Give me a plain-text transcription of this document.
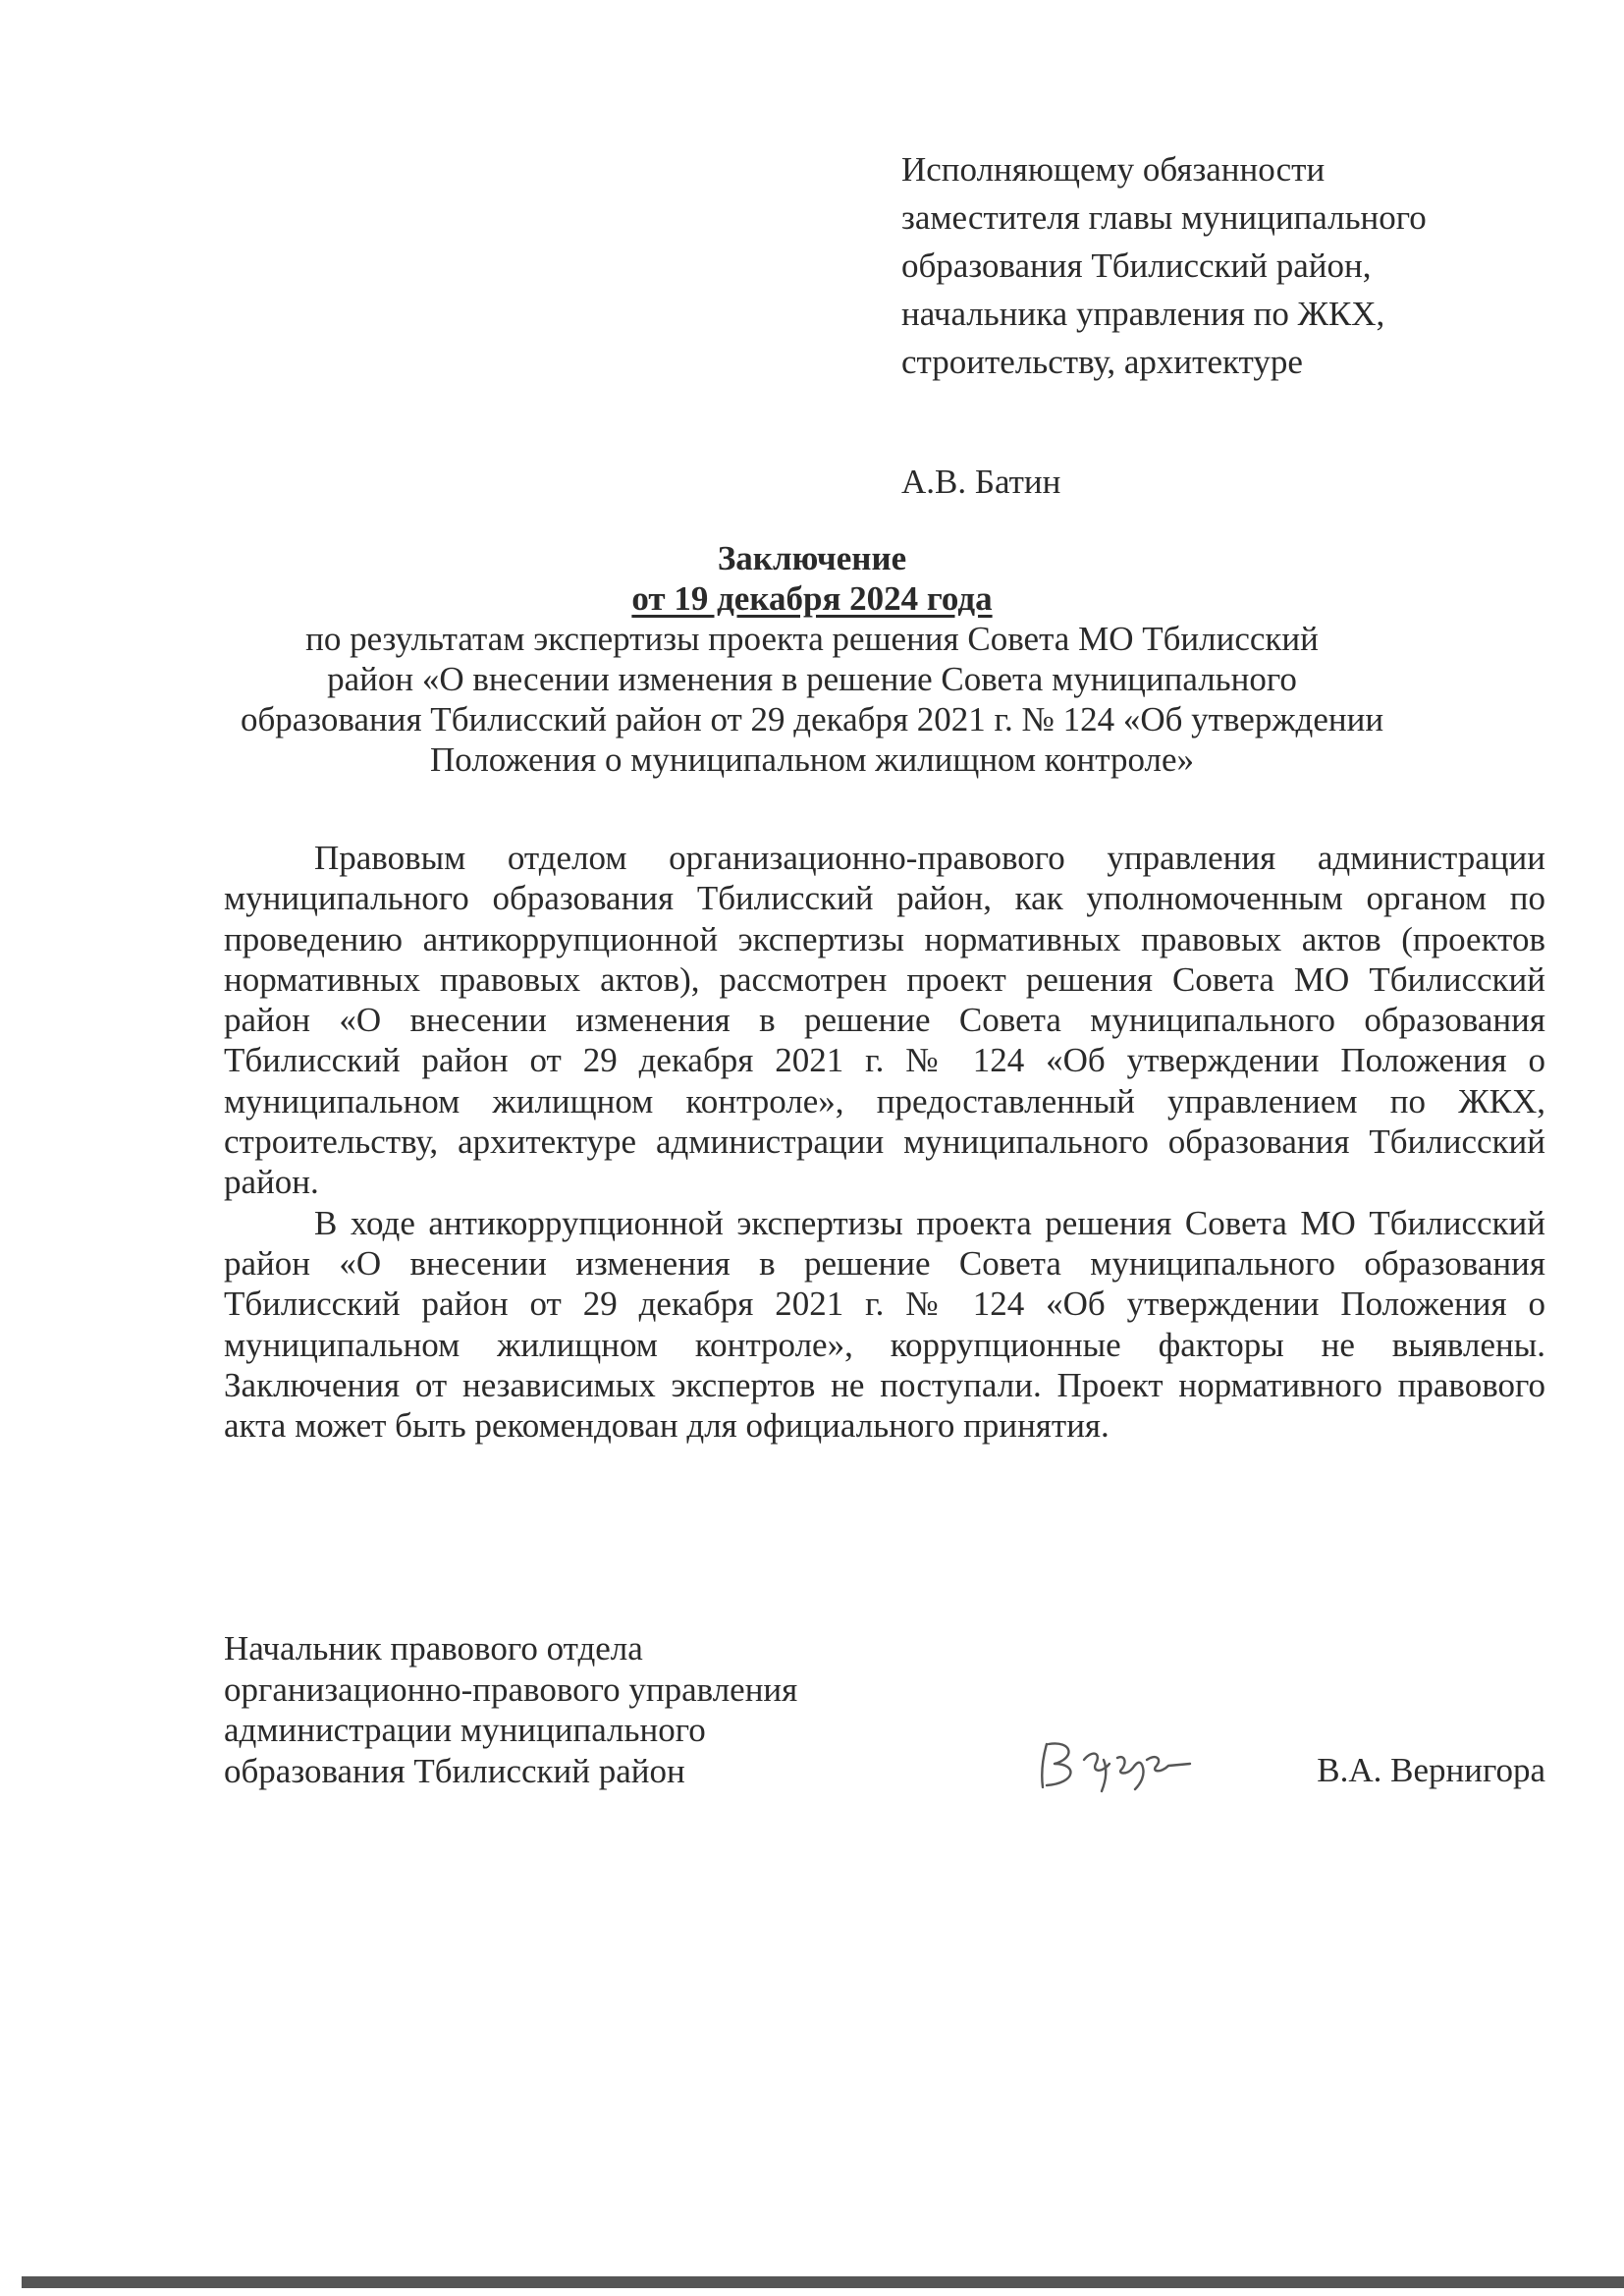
Исполняющему обязанности
заместителя главы муниципального
образования Тбилисский район,
начальника управления по ЖКХ,
строительству, архитектуре
А.В. Батин
Заключение
от 19 декабря 2024 года
по результатам экспертизы проекта решения Совета МО Тбилисский
район «О внесении изменения в решение Совета муниципального
образования Тбилисский район от 29 декабря 2021 г. № 124 «Об утверждении
Положения о муниципальном жилищном контроле»

Правовым отделом организационно-правового управления администрации муниципального образования Тбилисский район, как уполномоченным органом по проведению антикоррупционной экспертизы нормативных правовых актов (проектов нормативных правовых актов), рассмотрен проект решения Совета МО Тбилисский район «О внесении изменения в решение Совета муниципального образования Тбилисский район от 29 декабря 2021 г. № 124 «Об утверждении Положения о муниципальном жилищном контроле», предоставленный управлением по ЖКХ, строительству, архитектуре администрации муниципального образования Тбилисский район.

В ходе антикоррупционной экспертизы проекта решения Совета МО Тбилисский район «О внесении изменения в решение Совета муниципального образования Тбилисский район от 29 декабря 2021 г. № 124 «Об утверждении Положения о муниципальном жилищном контроле», коррупционные факторы не выявлены. Заключения от независимых экспертов не поступали. Проект нормативного правового акта может быть рекомендован для официального принятия.

Начальник правового отдела
организационно-правового управления
администрации муниципального
образования Тбилисский район	В.А. Вернигора
